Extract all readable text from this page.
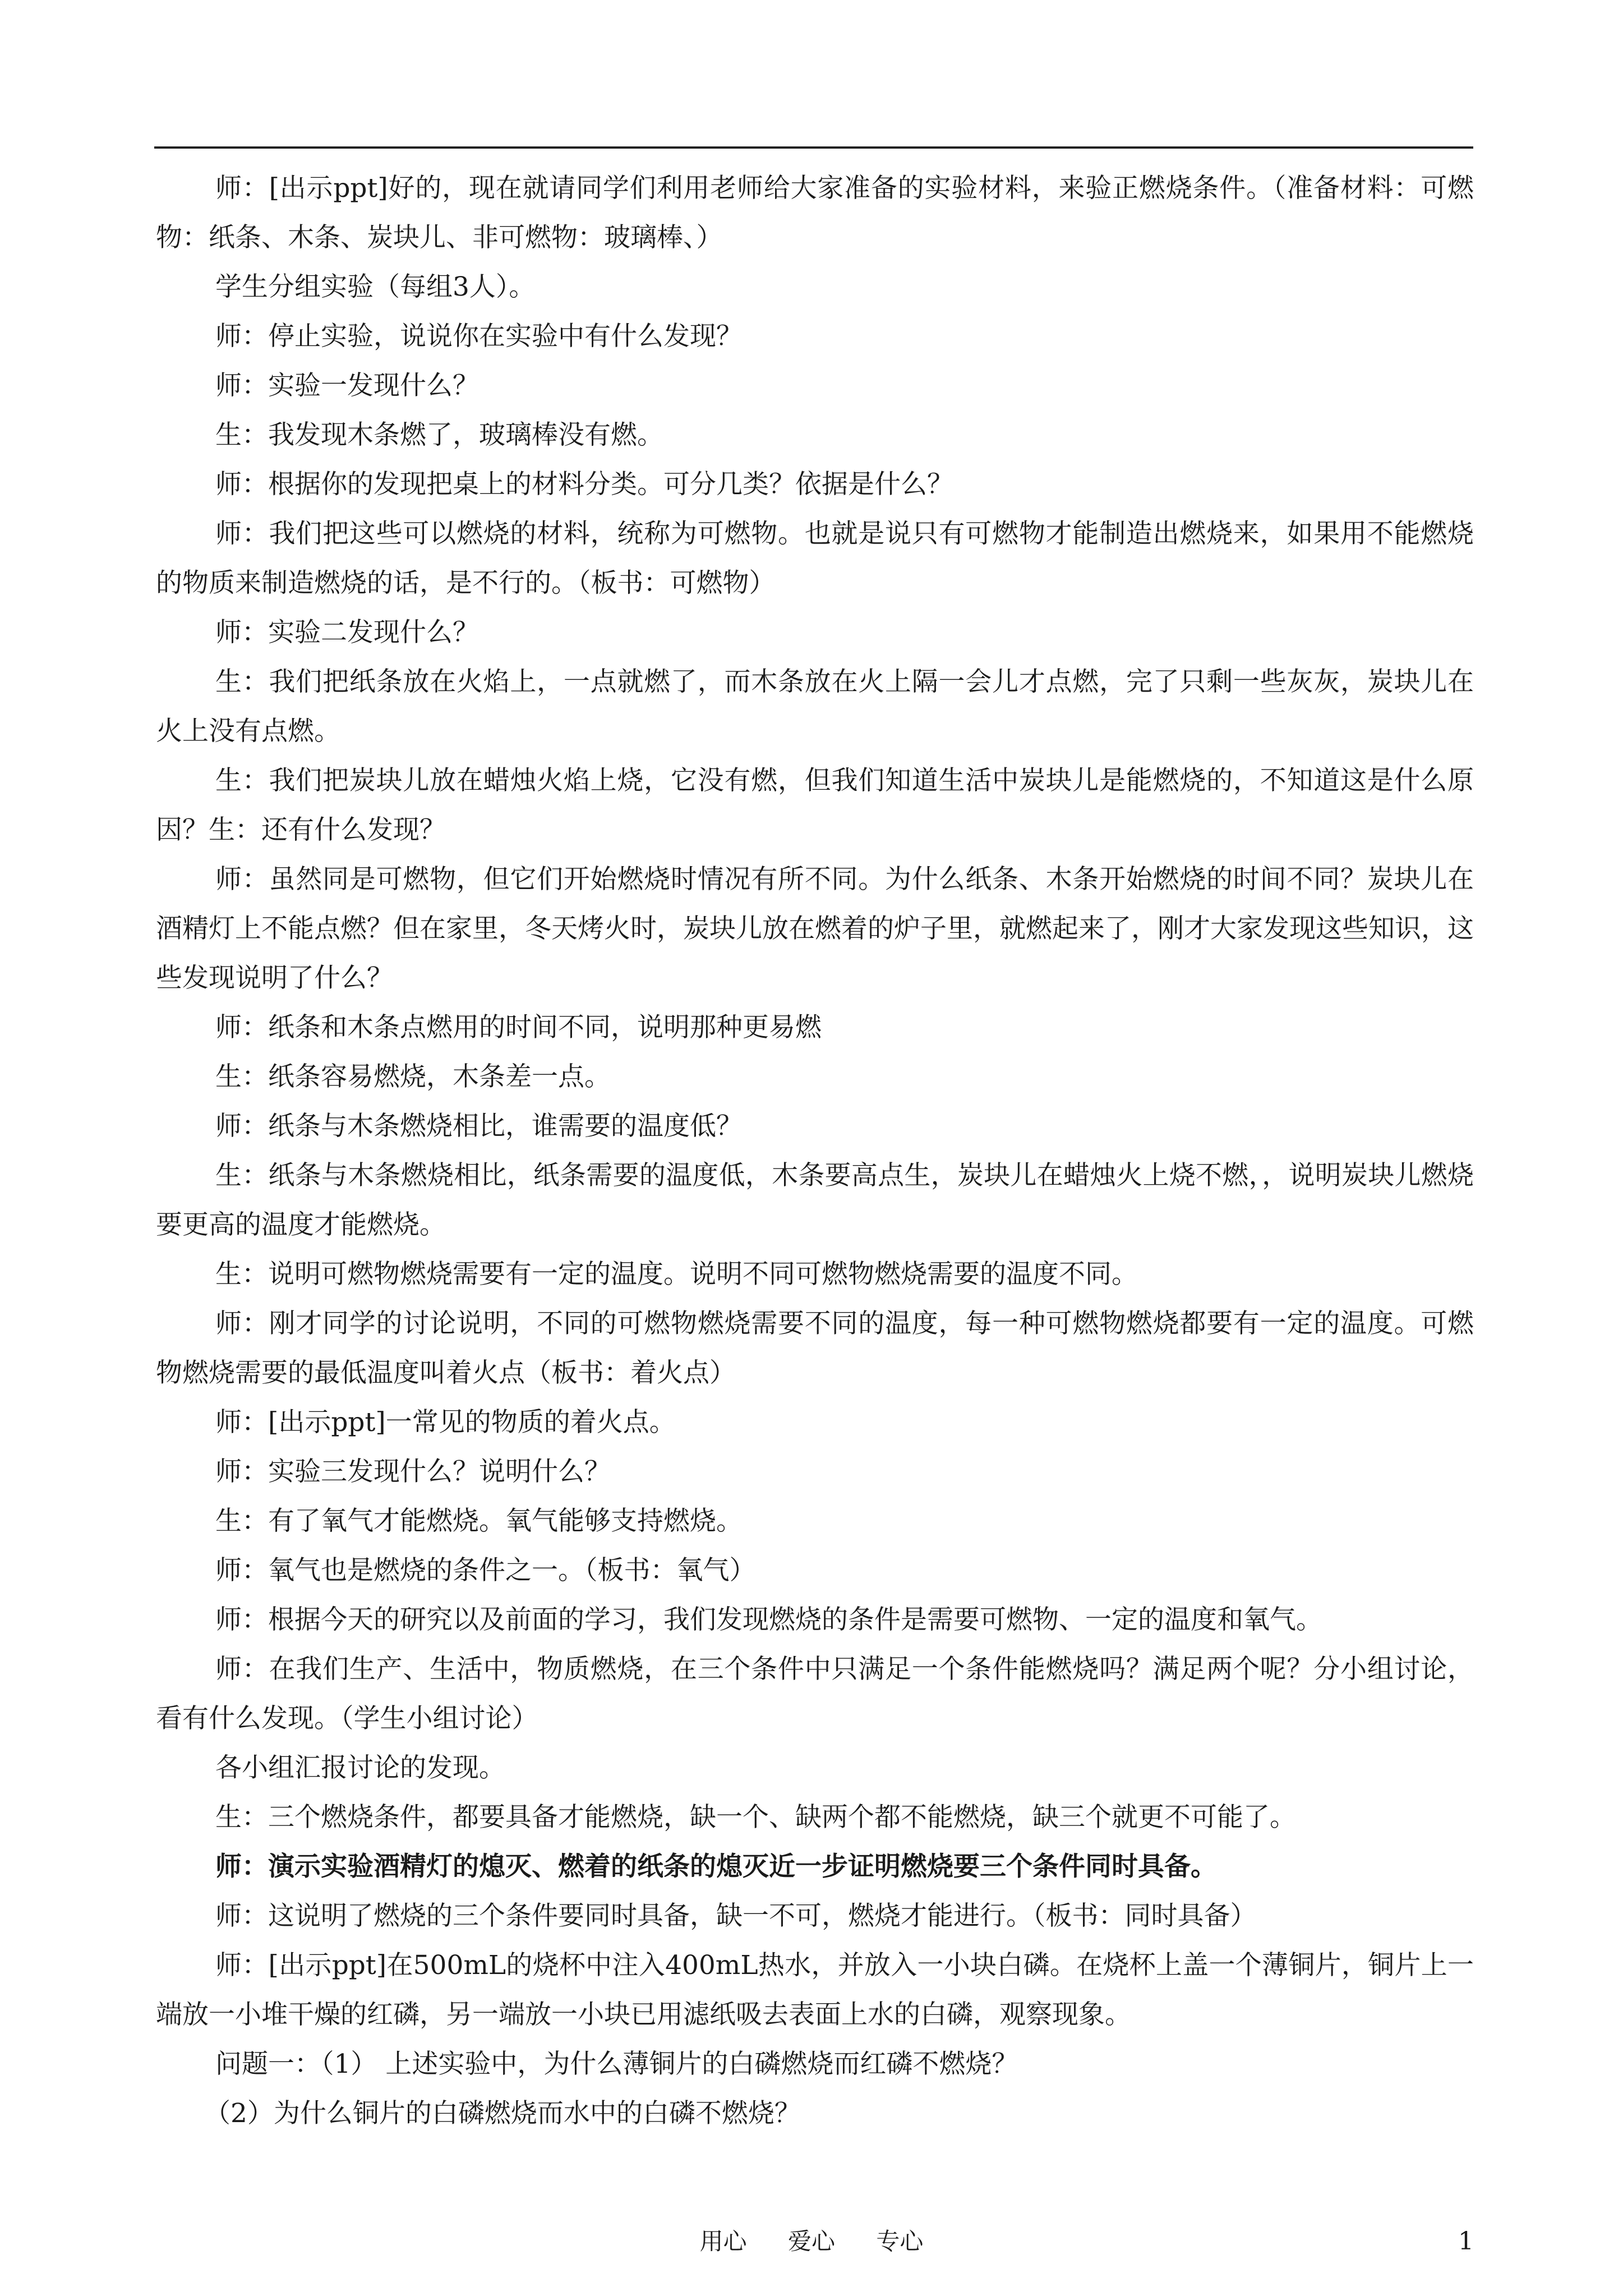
师：[出示ppt]好的，现在就请同学们利用老师给大家准备的实验材料，来验正燃烧条件。（准备材料：可燃物：纸条、木条、炭块儿、非可燃物：玻璃棒、）

学生分组实验（每组3人）。

师：停止实验，说说你在实验中有什么发现？

师：实验一发现什么？

生：我发现木条燃了，玻璃棒没有燃。

师：根据你的发现把桌上的材料分类。可分几类？依据是什么？

师：我们把这些可以燃烧的材料，统称为可燃物。也就是说只有可燃物才能制造出燃烧来，如果用不能燃烧的物质来制造燃烧的话，是不行的。（板书：可燃物）

师：实验二发现什么？

生：我们把纸条放在火焰上，一点就燃了，而木条放在火上隔一会儿才点燃，完了只剩一些灰灰，炭块儿在火上没有点燃。

生：我们把炭块儿放在蜡烛火焰上烧，它没有燃，但我们知道生活中炭块儿是能燃烧的，不知道这是什么原因？生：还有什么发现？

师：虽然同是可燃物，但它们开始燃烧时情况有所不同。为什么纸条、木条开始燃烧的时间不同？炭块儿在酒精灯上不能点燃？但在家里，冬天烤火时，炭块儿放在燃着的炉子里，就燃起来了，刚才大家发现这些知识，这些发现说明了什么？

师：纸条和木条点燃用的时间不同，说明那种更易燃

生：纸条容易燃烧，木条差一点。

师：纸条与木条燃烧相比，谁需要的温度低？

生：纸条与木条燃烧相比，纸条需要的温度低，木条要高点生，炭块儿在蜡烛火上烧不燃，，说明炭块儿燃烧要更高的温度才能燃烧。

生：说明可燃物燃烧需要有一定的温度。说明不同可燃物燃烧需要的温度不同。

师：刚才同学的讨论说明，不同的可燃物燃烧需要不同的温度，每一种可燃物燃烧都要有一定的温度。可燃物燃烧需要的最低温度叫着火点（板书：着火点）

师：[出示ppt]一常见的物质的着火点。

师：实验三发现什么？说明什么？

生：有了氧气才能燃烧。氧气能够支持燃烧。

师：氧气也是燃烧的条件之一。（板书：氧气）

师：根据今天的研究以及前面的学习，我们发现燃烧的条件是需要可燃物、一定的温度和氧气。

师：在我们生产、生活中，物质燃烧，在三个条件中只满足一个条件能燃烧吗？满足两个呢？分小组讨论，看有什么发现。（学生小组讨论）

各小组汇报讨论的发现。

生：三个燃烧条件，都要具备才能燃烧，缺一个、缺两个都不能燃烧，缺三个就更不可能了。

师：演示实验酒精灯的熄灭、燃着的纸条的熄灭近一步证明燃烧要三个条件同时具备。

师：这说明了燃烧的三个条件要同时具备，缺一不可，燃烧才能进行。（板书：同时具备）

师：[出示ppt]在500mL的烧杯中注入400mL热水，并放入一小块白磷。在烧杯上盖一个薄铜片，铜片上一端放一小堆干燥的红磷，另一端放一小块已用滤纸吸去表面上水的白磷，观察现象。

问题一：（1） 上述实验中，为什么薄铜片的白磷燃烧而红磷不燃烧？

（2）为什么铜片的白磷燃烧而水中的白磷不燃烧？

用心 爱心 专心	1
